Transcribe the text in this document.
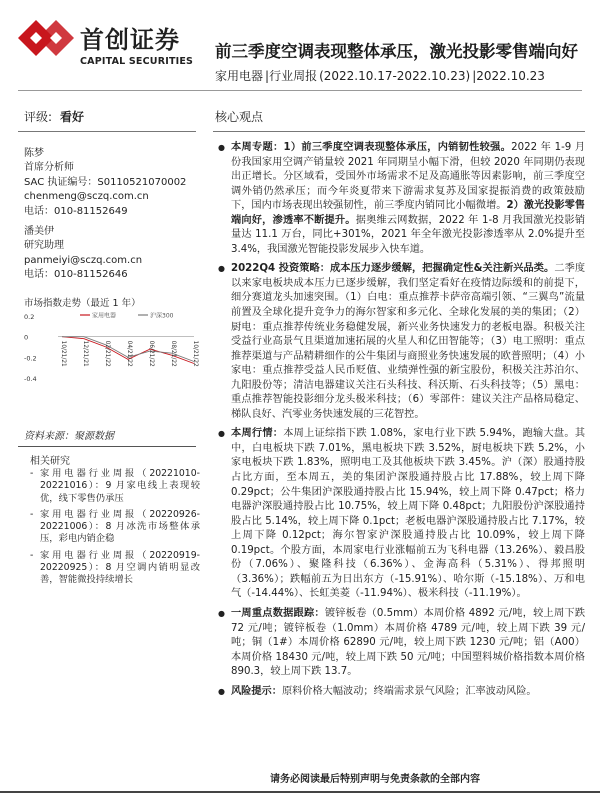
首创证券
CAPITAL SECURITIES
前三季度空调表现整体承压，激光投影零售端向好
家用电器 |行业周报 (2022.10.17-2022.10.23) |2022.10.23
评级: 看好	核心观点
陈梦
首席分析师
SAC 执证编号：S0110521070002
chenmeng@sczq.com.cn
电话：010-81152649
潘美伊
研究助理
panmeiyi@sczq.com.cn
电话：010-81152646
市场指数走势（最近 1 年）
0.2
0
-0.2
-0.4
家用电器	沪深300
10/21/21	12/21/21	02/21/22	04/21/22	06/21/22	08/21/22	10/21/22
资料来源：聚源数据
相关研究
- 家用电器行业周报（20221010-20221016）：9 月家电线上表现较优，线下零售仍承压
- 家用电器行业周报（20220926-20221006）：8 月冰洗市场整体承压，彩电内销企稳
- 家用电器行业周报（20220919-20220925）：8 月空调内销明显改善，智能微投持续增长
● 本周专题：1）前三季度空调表现整体承压，内销韧性较强。2022 年 1-9 月份我国家用空调产销量较 2021 年同期呈小幅下滑，但较 2020 年同期仍表现出正增长。分区域看，受国外市场需求不足及高通胀等因素影响，前三季度空调外销仍然承压；而今年炎夏带来下游需求复苏及国家提振消费的政策鼓励下，国内市场表现出较强韧性，前三季度内销同比小幅微增。2）激光投影零售端向好，渗透率不断提升。据奥维云网数据，2022 年 1-8 月我国激光投影销量达 11.1 万台，同比+301%，2021 年全年激光投影渗透率从 2.0%提升至 3.4%，我国激光智能投影发展步入快车道。
● 2022Q4 投资策略：成本压力逐步缓解，把握确定性&关注新兴品类。二季度以来家电板块成本压力已逐步缓解，我们坚定看好在疫情边际缓和的前提下，细分赛道龙头加速突围。（1）白电：重点推荐卡萨帝高端引领、“三翼鸟”流量前置及全球化提升竞争力的海尔智家和多元化、全球化发展的美的集团；（2）厨电：重点推荐传统业务稳健发展，新兴业务快速发力的老板电器。积极关注受益行业高景气且渠道加速拓展的火星人和亿田智能等；（3）电工照明：重点推荐渠道与产品精耕细作的公牛集团与商照业务快速发展的欧普照明；（4）小家电：重点推荐受益人民币贬值、业绩弹性强的新宝股份，积极关注苏泊尔、九阳股份等；清洁电器建议关注石头科技、科沃斯、石头科技等；（5）黑电：重点推荐智能投影细分龙头极米科技；（6）零部件：建议关注产品格局稳定、梯队良好、汽零业务快速发展的三花智控。
● 本周行情：本周上证综指下跌 1.08%，家电行业下跌 5.94%，跑输大盘。其中，白电板块下跌 7.01%，黑电板块下跌 3.52%，厨电板块下跌 5.2%，小家电板块下跌 1.83%，照明电工及其他板块下跌 3.45%。沪（深）股通持股占比方面，至本周五，美的集团沪深股通持股占比 17.88%，较上周下降 0.29pct；公牛集团沪深股通持股占比 15.94%，较上周下降 0.47pct；格力电器沪深股通持股占比 10.75%，较上周下降 0.48pct；九阳股份沪深股通持股占比 5.14%，较上周下降 0.1pct；老板电器沪深股通持股占比 7.17%，较上周下降 0.12pct；海尔智家沪深股通持股占比 10.09%，较上周下降 0.19pct。个股方面，本周家电行业涨幅前五为飞科电器（13.26%）、毅昌股份（7.06%）、聚隆科技（6.36%）、金海高科（5.31%）、得邦照明（3.36%）；跌幅前五为日出东方（-15.91%）、哈尔斯（-15.18%）、万和电气（-14.44%）、长虹美菱（-11.94%）、极米科技（-11.19%）。
● 一周重点数据跟踪：镀锌板卷（0.5mm）本周价格 4892 元/吨，较上周下跌 72 元/吨；镀锌板卷（1.0mm）本周价格 4789 元/吨，较上周下跌 39 元/吨；铜（1#）本周价格 62890 元/吨，较上周下跌 1230 元/吨；铝（A00）本周价格 18430 元/吨，较上周下跌 50 元/吨；中国塑料城价格指数本周价格 890.3，较上周下跌 13.7。
● 风险提示：原料价格大幅波动；终端需求景气风险；汇率波动风险。
请务必阅读最后特别声明与免责条款的全部内容
